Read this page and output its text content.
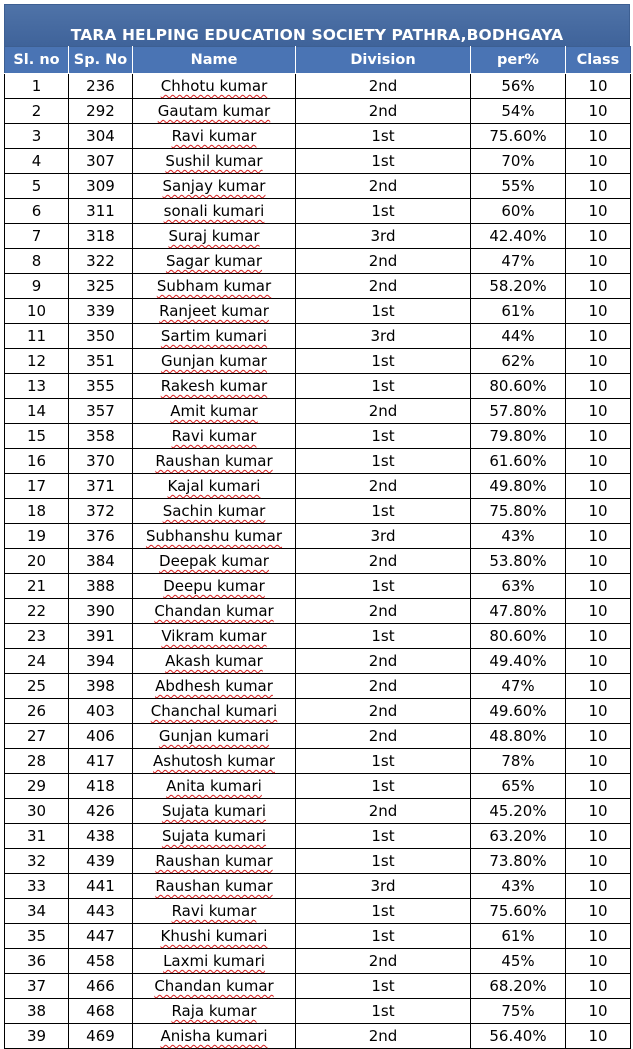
TARA HELPING EDUCATION SOCIETY PATHRA,BODHGAYA
Sl. no	Sp. No	Name	Division	per%	Class
1	236	Chhotu kumar	2nd	56%	10
2	292	Gautam kumar	2nd	54%	10
3	304	Ravi kumar	1st	75.60%	10
4	307	Sushil kumar	1st	70%	10
5	309	Sanjay kumar	2nd	55%	10
6	311	sonali kumari	1st	60%	10
7	318	Suraj kumar	3rd	42.40%	10
8	322	Sagar kumar	2nd	47%	10
9	325	Subham kumar	2nd	58.20%	10
10	339	Ranjeet kumar	1st	61%	10
11	350	Sartim kumari	3rd	44%	10
12	351	Gunjan kumar	1st	62%	10
13	355	Rakesh kumar	1st	80.60%	10
14	357	Amit kumar	2nd	57.80%	10
15	358	Ravi kumar	1st	79.80%	10
16	370	Raushan kumar	1st	61.60%	10
17	371	Kajal kumari	2nd	49.80%	10
18	372	Sachin kumar	1st	75.80%	10
19	376	Subhanshu kumar	3rd	43%	10
20	384	Deepak kumar	2nd	53.80%	10
21	388	Deepu kumar	1st	63%	10
22	390	Chandan kumar	2nd	47.80%	10
23	391	Vikram kumar	1st	80.60%	10
24	394	Akash kumar	2nd	49.40%	10
25	398	Abdhesh kumar	2nd	47%	10
26	403	Chanchal kumari	2nd	49.60%	10
27	406	Gunjan kumari	2nd	48.80%	10
28	417	Ashutosh kumar	1st	78%	10
29	418	Anita kumari	1st	65%	10
30	426	Sujata kumari	2nd	45.20%	10
31	438	Sujata kumari	1st	63.20%	10
32	439	Raushan kumar	1st	73.80%	10
33	441	Raushan kumar	3rd	43%	10
34	443	Ravi kumar	1st	75.60%	10
35	447	Khushi kumari	1st	61%	10
36	458	Laxmi kumari	2nd	45%	10
37	466	Chandan kumar	1st	68.20%	10
38	468	Raja kumar	1st	75%	10
39	469	Anisha kumari	2nd	56.40%	10
